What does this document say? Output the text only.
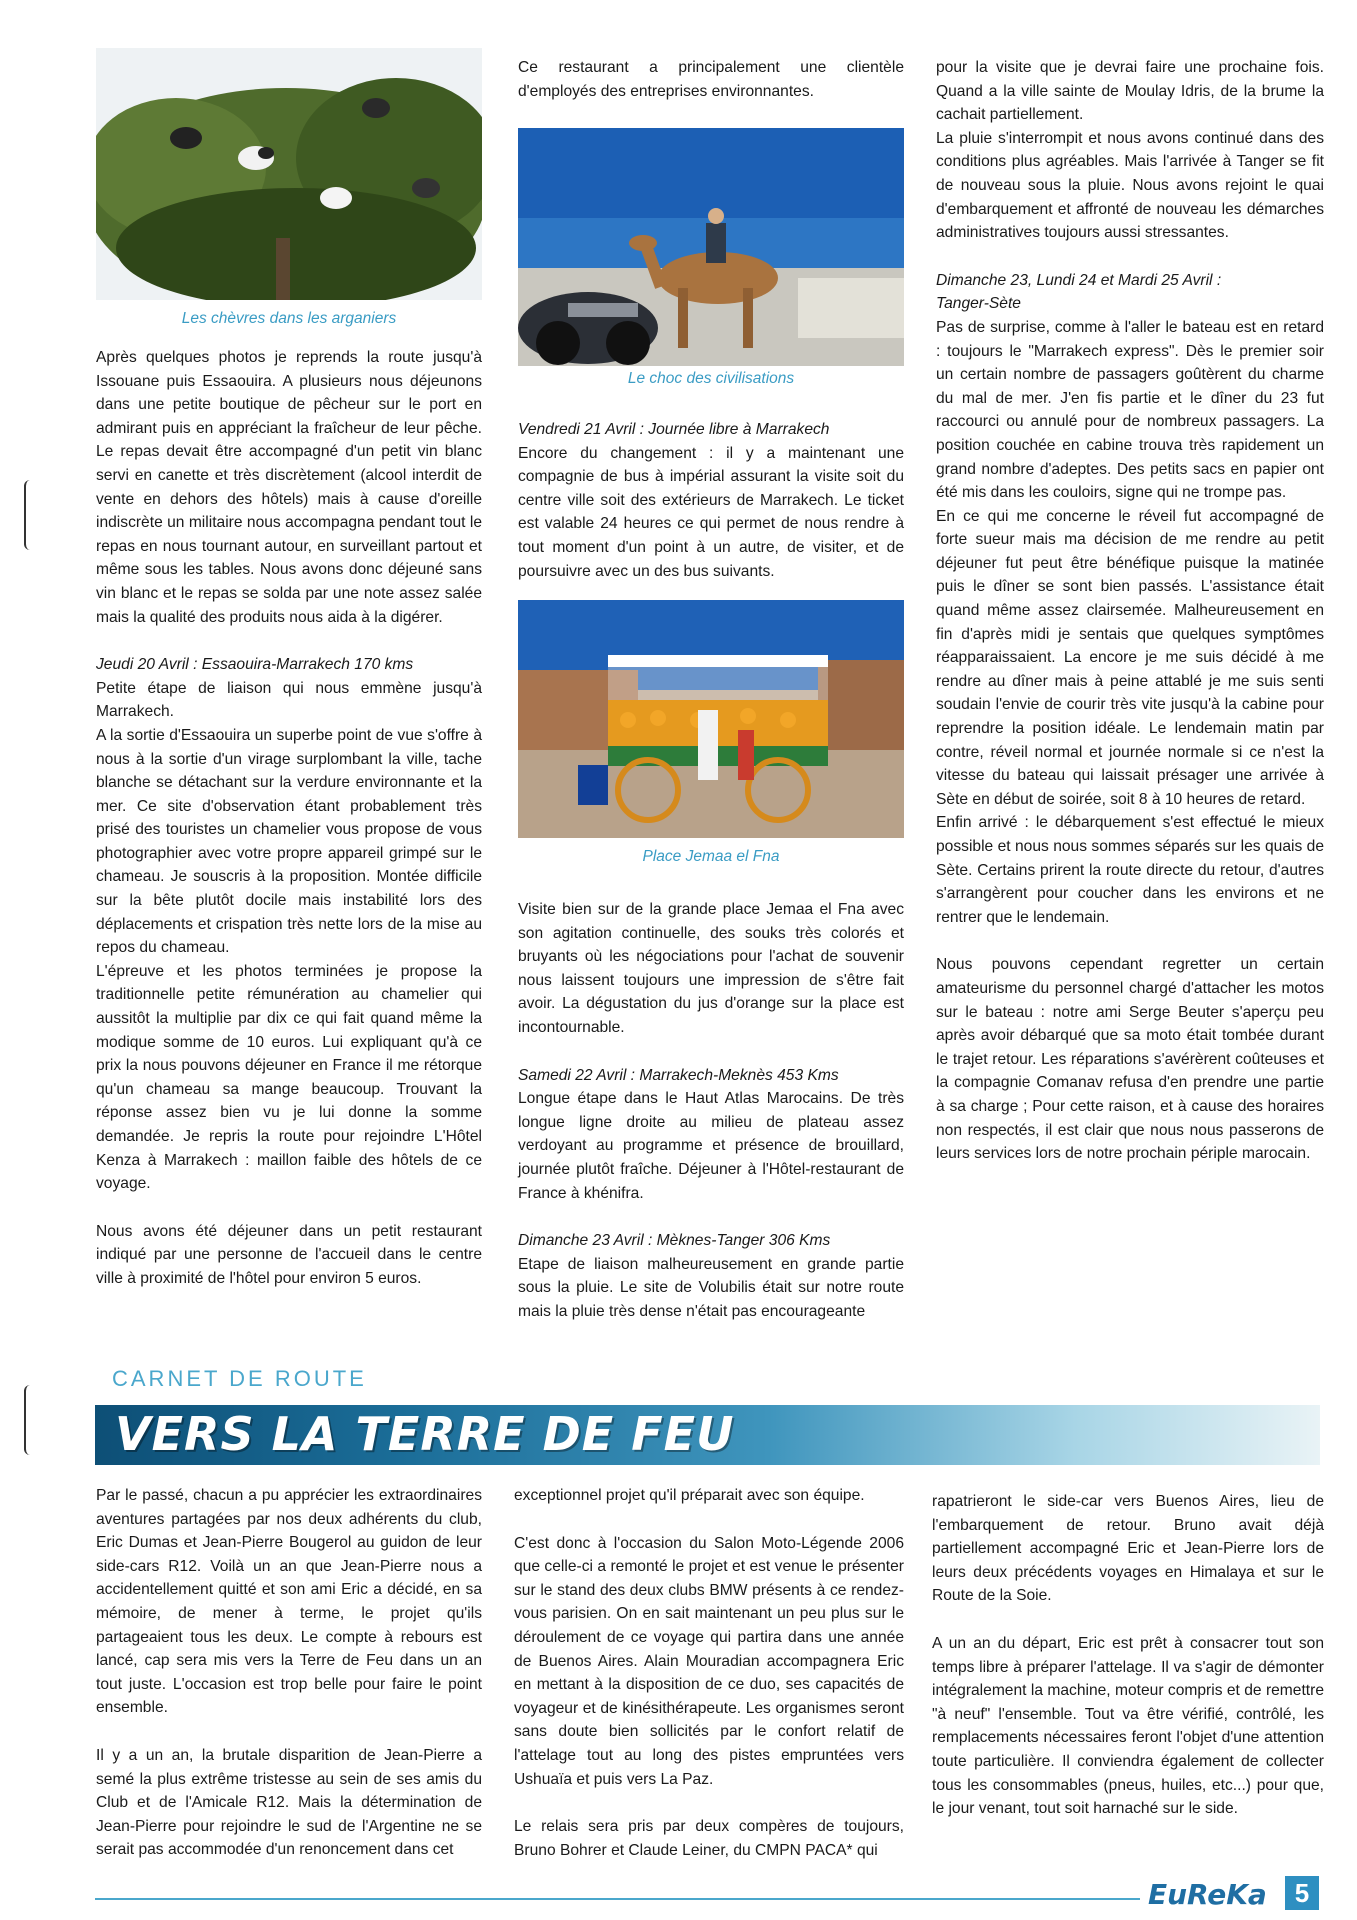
Les chèvres dans les arganiers

Après quelques photos je reprends la route jusqu'à Issouane puis Essaouira. A plusieurs nous déjeunons dans une petite boutique de pêcheur sur le port en admirant puis en appréciant la fraîcheur de leur pêche. Le repas devait être accompagné d'un petit vin blanc servi en canette et très discrètement (alcool interdit de vente en dehors des hôtels) mais à cause d'oreille indiscrète un militaire nous accompagna pendant tout le repas en nous tournant autour, en surveillant partout et même sous les tables. Nous avons donc déjeuné sans vin blanc et le repas se solda par une note assez salée mais la qualité des produits nous aida à la digérer.

Jeudi 20 Avril : Essaouira-Marrakech 170 kms

Petite étape de liaison qui nous emmène jusqu'à Marrakech.

A la sortie d'Essaouira un superbe point de vue s'offre à nous à la sortie d'un virage surplombant la ville, tache blanche se détachant sur la verdure environnante et la mer. Ce site d'observation étant probablement très prisé des touristes un chamelier vous propose de vous photographier avec votre propre appareil grimpé sur le chameau. Je souscris à la proposition. Montée difficile sur la bête plutôt docile mais instabilité lors des déplacements et crispation très nette lors de la mise au repos du chameau.

L'épreuve et les photos terminées je propose la traditionnelle petite rémunération au chamelier qui aussitôt la multiplie par dix ce qui fait quand même la modique somme de 10 euros. Lui expliquant qu'à ce prix la nous pouvons déjeuner en France il me rétorque qu'un chameau sa mange beaucoup. Trouvant la réponse assez bien vu je lui donne la somme demandée. Je repris la route pour rejoindre L'Hôtel Kenza à Marrakech : maillon faible des hôtels de ce voyage.

Nous avons été déjeuner dans un petit restaurant indiqué par une personne de l'accueil dans le centre ville à proximité de l'hôtel pour environ 5 euros.

Ce restaurant a principalement une clientèle d'employés des entreprises environnantes.

Le choc des civilisations

Vendredi 21 Avril : Journée libre à Marrakech

Encore du changement : il y a maintenant une compagnie de bus à impérial assurant la visite soit du centre ville soit des extérieurs de Marrakech. Le ticket est valable 24 heures ce qui permet de nous rendre à tout moment d'un point à un autre, de visiter, et de poursuivre avec un des bus suivants.

Place Jemaa el Fna

Visite bien sur de la grande place Jemaa el Fna avec son agitation continuelle, des souks très colorés et bruyants où les négociations pour l'achat de souvenir nous laissent toujours une impression de s'être fait avoir. La dégustation du jus d'orange sur la place est incontournable.

Samedi 22 Avril : Marrakech-Meknès 453 Kms

Longue étape dans le Haut Atlas Marocains. De très longue ligne droite au milieu de plateau assez verdoyant au programme et présence de brouillard, journée plutôt fraîche. Déjeuner à l'Hôtel-restaurant de France à khénifra.

Dimanche 23 Avril : Mèknes-Tanger 306 Kms

Etape de liaison malheureusement en grande partie sous la pluie. Le site de Volubilis était sur notre route mais la pluie très dense n'était pas encourageante

pour la visite que je devrai faire une prochaine fois. Quand a la ville sainte de Moulay Idris, de la brume la cachait partiellement.

La pluie s'interrompit et nous avons continué dans des conditions plus agréables. Mais l'arrivée à Tanger se fit de nouveau sous la pluie. Nous avons rejoint le quai d'embarquement et affronté de nouveau les démarches administratives toujours aussi stressantes.

Dimanche 23, Lundi 24 et Mardi 25 Avril :

Tanger-Sète

Pas de surprise, comme à l'aller le bateau est en retard : toujours le "Marrakech express". Dès le premier soir un certain nombre de passagers goûtèrent du charme du mal de mer. J'en fis partie et le dîner du 23 fut raccourci ou annulé pour de nombreux passagers. La position couchée en cabine trouva très rapidement un grand nombre d'adeptes. Des petits sacs en papier ont été mis dans les couloirs, signe qui ne trompe pas.

En ce qui me concerne le réveil fut accompagné de forte sueur mais ma décision de me rendre au petit déjeuner fut peut être bénéfique puisque la matinée puis le dîner se sont bien passés. L'assistance était quand même assez clairsemée. Malheureusement en fin d'après midi je sentais que quelques symptômes réapparaissaient. La encore je me suis décidé à me rendre au dîner mais à peine attablé je me suis senti soudain l'envie de courir très vite jusqu'à la cabine pour reprendre la position idéale. Le lendemain matin par contre, réveil normal et journée normale si ce n'est la vitesse du bateau qui laissait présager une arrivée à Sète en début de soirée, soit 8 à 10 heures de retard.

Enfin arrivé : le débarquement s'est effectué le mieux possible et nous nous sommes séparés sur les quais de Sète. Certains prirent la route directe du retour, d'autres s'arrangèrent pour coucher dans les environs et ne rentrer que le lendemain.

Nous pouvons cependant regretter un certain amateurisme du personnel chargé d'attacher les motos sur le bateau : notre ami Serge Beuter s'aperçu peu après avoir débarqué que sa moto était tombée durant le trajet retour. Les réparations s'avérèrent coûteuses et la compagnie Comanav refusa d'en prendre une partie à sa charge ; Pour cette raison, et à cause des horaires non respectés, il est clair que nous nous passerons de leurs services lors de notre prochain périple marocain.

CARNET DE ROUTE
VERS LA TERRE DE FEU

Par le passé, chacun a pu apprécier les extraordinaires aventures partagées par nos deux adhérents du club, Eric Dumas et Jean-Pierre Bougerol au guidon de leur side-cars R12. Voilà un an que Jean-Pierre nous a accidentellement quitté et son ami Eric a décidé, en sa mémoire, de mener à terme, le projet qu'ils partageaient tous les deux. Le compte à rebours est lancé, cap sera mis vers la Terre de Feu dans un an tout juste. L'occasion est trop belle pour faire le point ensemble.

Il y a un an, la brutale disparition de Jean-Pierre a semé la plus extrême tristesse au sein de ses amis du Club et de l'Amicale R12. Mais la détermination de Jean-Pierre pour rejoindre le sud de l'Argentine ne se serait pas accommodée d'un renoncement dans cet

exceptionnel projet qu'il préparait avec son équipe.

C'est donc à l'occasion du Salon Moto-Légende 2006 que celle-ci a remonté le projet et est venue le présenter sur le stand des deux clubs BMW présents à ce rendez-vous parisien. On en sait maintenant un peu plus sur le déroulement de ce voyage qui partira dans une année de Buenos Aires. Alain Mouradian accompagnera Eric en mettant à la disposition de ce duo, ses capacités de voyageur et de kinésithérapeute. Les organismes seront sans doute bien sollicités par le confort relatif de l'attelage tout au long des pistes empruntées vers Ushuaïa et puis vers La Paz.

Le relais sera pris par deux compères de toujours, Bruno Bohrer et Claude Leiner, du CMPN PACA* qui

rapatrieront le side-car vers Buenos Aires, lieu de l'embarquement de retour. Bruno avait déjà partiellement accompagné Eric et Jean-Pierre lors de leurs deux précédents voyages en Himalaya et sur le Route de la Soie.

A un an du départ, Eric est prêt à consacrer tout son temps libre à préparer l'attelage. Il va s'agir de démonter intégralement la machine, moteur compris et de remettre "à neuf" l'ensemble. Tout va être vérifié, contrôlé, les remplacements nécessaires feront l'objet d'une attention toute particulière. Il conviendra également de collecter tous les consommables (pneus, huiles, etc...) pour que, le jour venant, tout soit harnaché sur le side.

EuReKa	5
